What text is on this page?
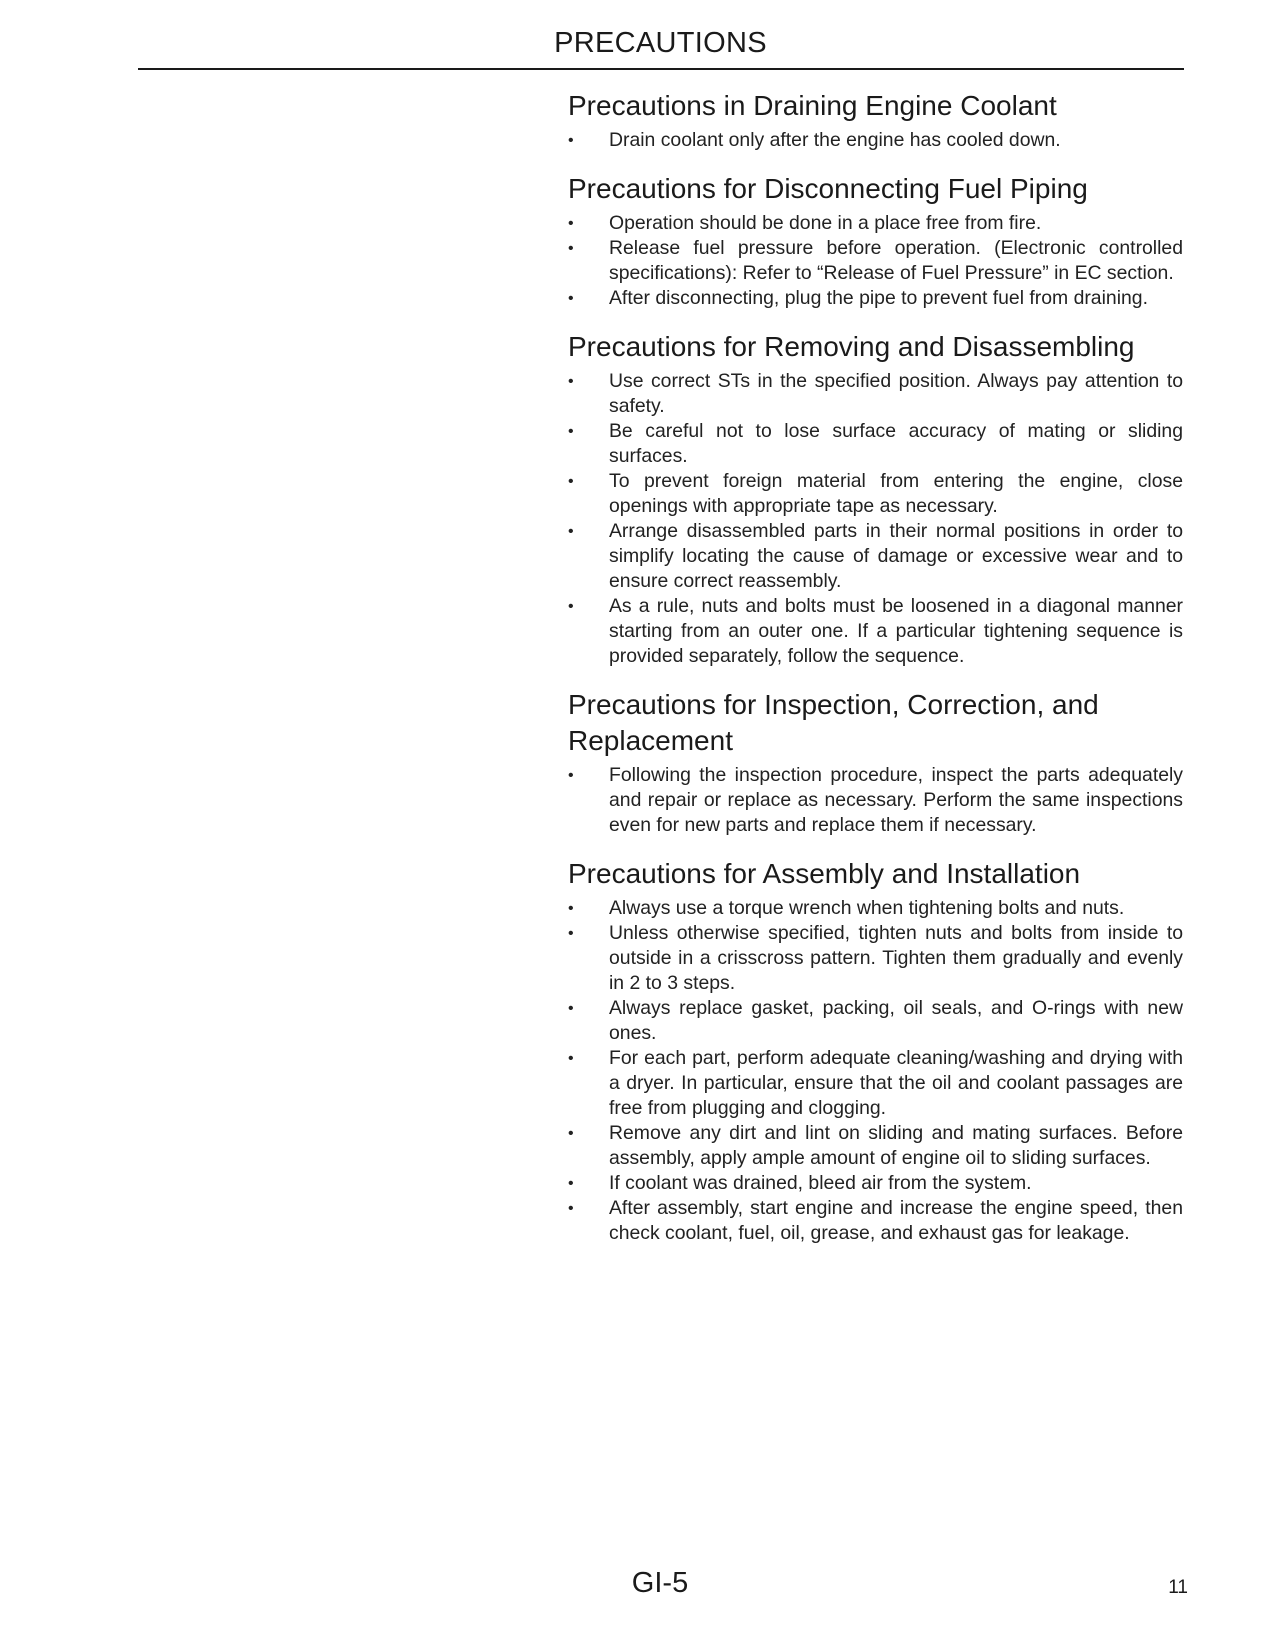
PRECAUTIONS
Precautions in Draining Engine Coolant
• Drain coolant only after the engine has cooled down.
Precautions for Disconnecting Fuel Piping
• Operation should be done in a place free from fire.
• Release fuel pressure before operation. (Electronic controlled specifications): Refer to “Release of Fuel Pressure” in EC section.
• After disconnecting, plug the pipe to prevent fuel from draining.
Precautions for Removing and Disassembling
• Use correct STs in the specified position. Always pay attention to safety.
• Be careful not to lose surface accuracy of mating or sliding surfaces.
• To prevent foreign material from entering the engine, close openings with appropriate tape as necessary.
• Arrange disassembled parts in their normal positions in order to simplify locating the cause of damage or excessive wear and to ensure correct reassembly.
• As a rule, nuts and bolts must be loosened in a diagonal manner starting from an outer one. If a particular tightening sequence is provided separately, follow the sequence.
Precautions for Inspection, Correction, and Replacement
• Following the inspection procedure, inspect the parts adequately and repair or replace as necessary. Perform the same inspections even for new parts and replace them if necessary.
Precautions for Assembly and Installation
• Always use a torque wrench when tightening bolts and nuts.
• Unless otherwise specified, tighten nuts and bolts from inside to outside in a crisscross pattern. Tighten them gradually and evenly in 2 to 3 steps.
• Always replace gasket, packing, oil seals, and O-rings with new ones.
• For each part, perform adequate cleaning/washing and drying with a dryer. In particular, ensure that the oil and coolant passages are free from plugging and clogging.
• Remove any dirt and lint on sliding and mating surfaces. Before assembly, apply ample amount of engine oil to sliding surfaces.
• If coolant was drained, bleed air from the system.
• After assembly, start engine and increase the engine speed, then check coolant, fuel, oil, grease, and exhaust gas for leakage.
GI-5	11
